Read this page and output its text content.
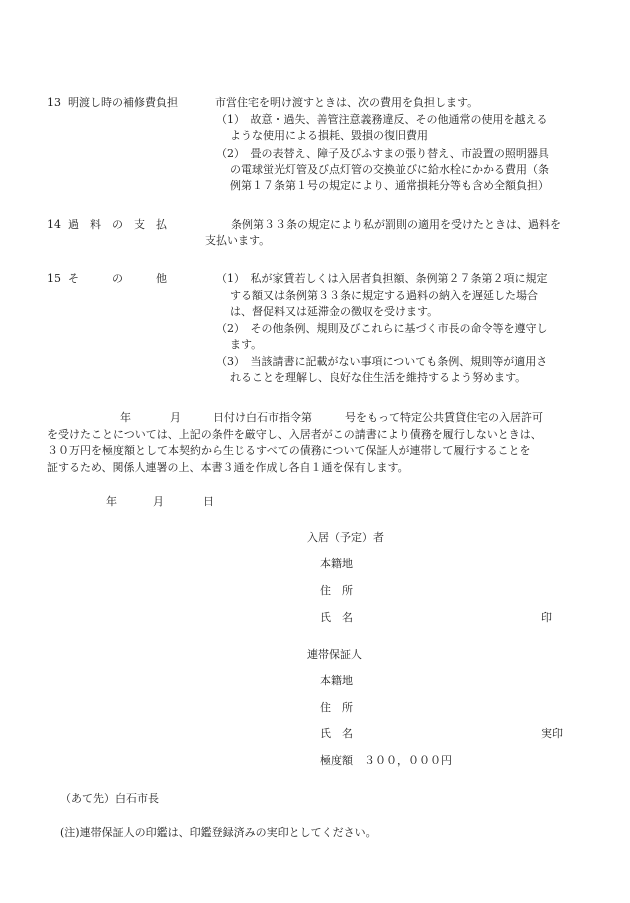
13 明渡し時の補修費負担	市営住宅を明け渡すときは、次の費用を負担します。
（1）　故意・過失、善管注意義務違反、その他通常の使用を越える
ような使用による損耗、毀損の復旧費用
（2）　畳の表替え、障子及びふすまの張り替え、市設置の照明器具
の電球蛍光灯管及び点灯管の交換並びに給水栓にかかる費用（条
例第１７条第１号の規定により、通常損耗分等も含め全額負担）
14 過　料　の　支　払	条例第３３条の規定により私が罰則の適用を受けたときは、過料を
支払います。
15 そ　　　の　　　他	（1）　私が家賃若しくは入居者負担額、条例第２７条第２項に規定
する額又は条例第３３条に規定する過料の納入を遅延した場合
は、督促料又は延滞金の徴収を受けます。
（2）　その他条例、規則及びこれらに基づく市長の命令等を遵守し
ます。
（3）　当該請書に記載がない事項についても条例、規則等が適用さ
れることを理解し、良好な住生活を維持するよう努めます。
年	月	日付け白石市指令第　　　号をもって特定公共賃貸住宅の入居許可
を受けたことについては、上記の条件を厳守し、入居者がこの請書により債務を履行しないときは、
３０万円を極度額として本契約から生じるすべての債務について保証人が連帯して履行することを
証するため、関係人連署の上、本書３通を作成し各自１通を保有します。
年	月	日
入居（予定）者
本籍地
住　所
氏　名	印
連帯保証人
本籍地
住　所
氏　名	実印
極度額　３００，０００円
（あて先）白石市長
(注)連帯保証人の印鑑は、印鑑登録済みの実印としてください。
